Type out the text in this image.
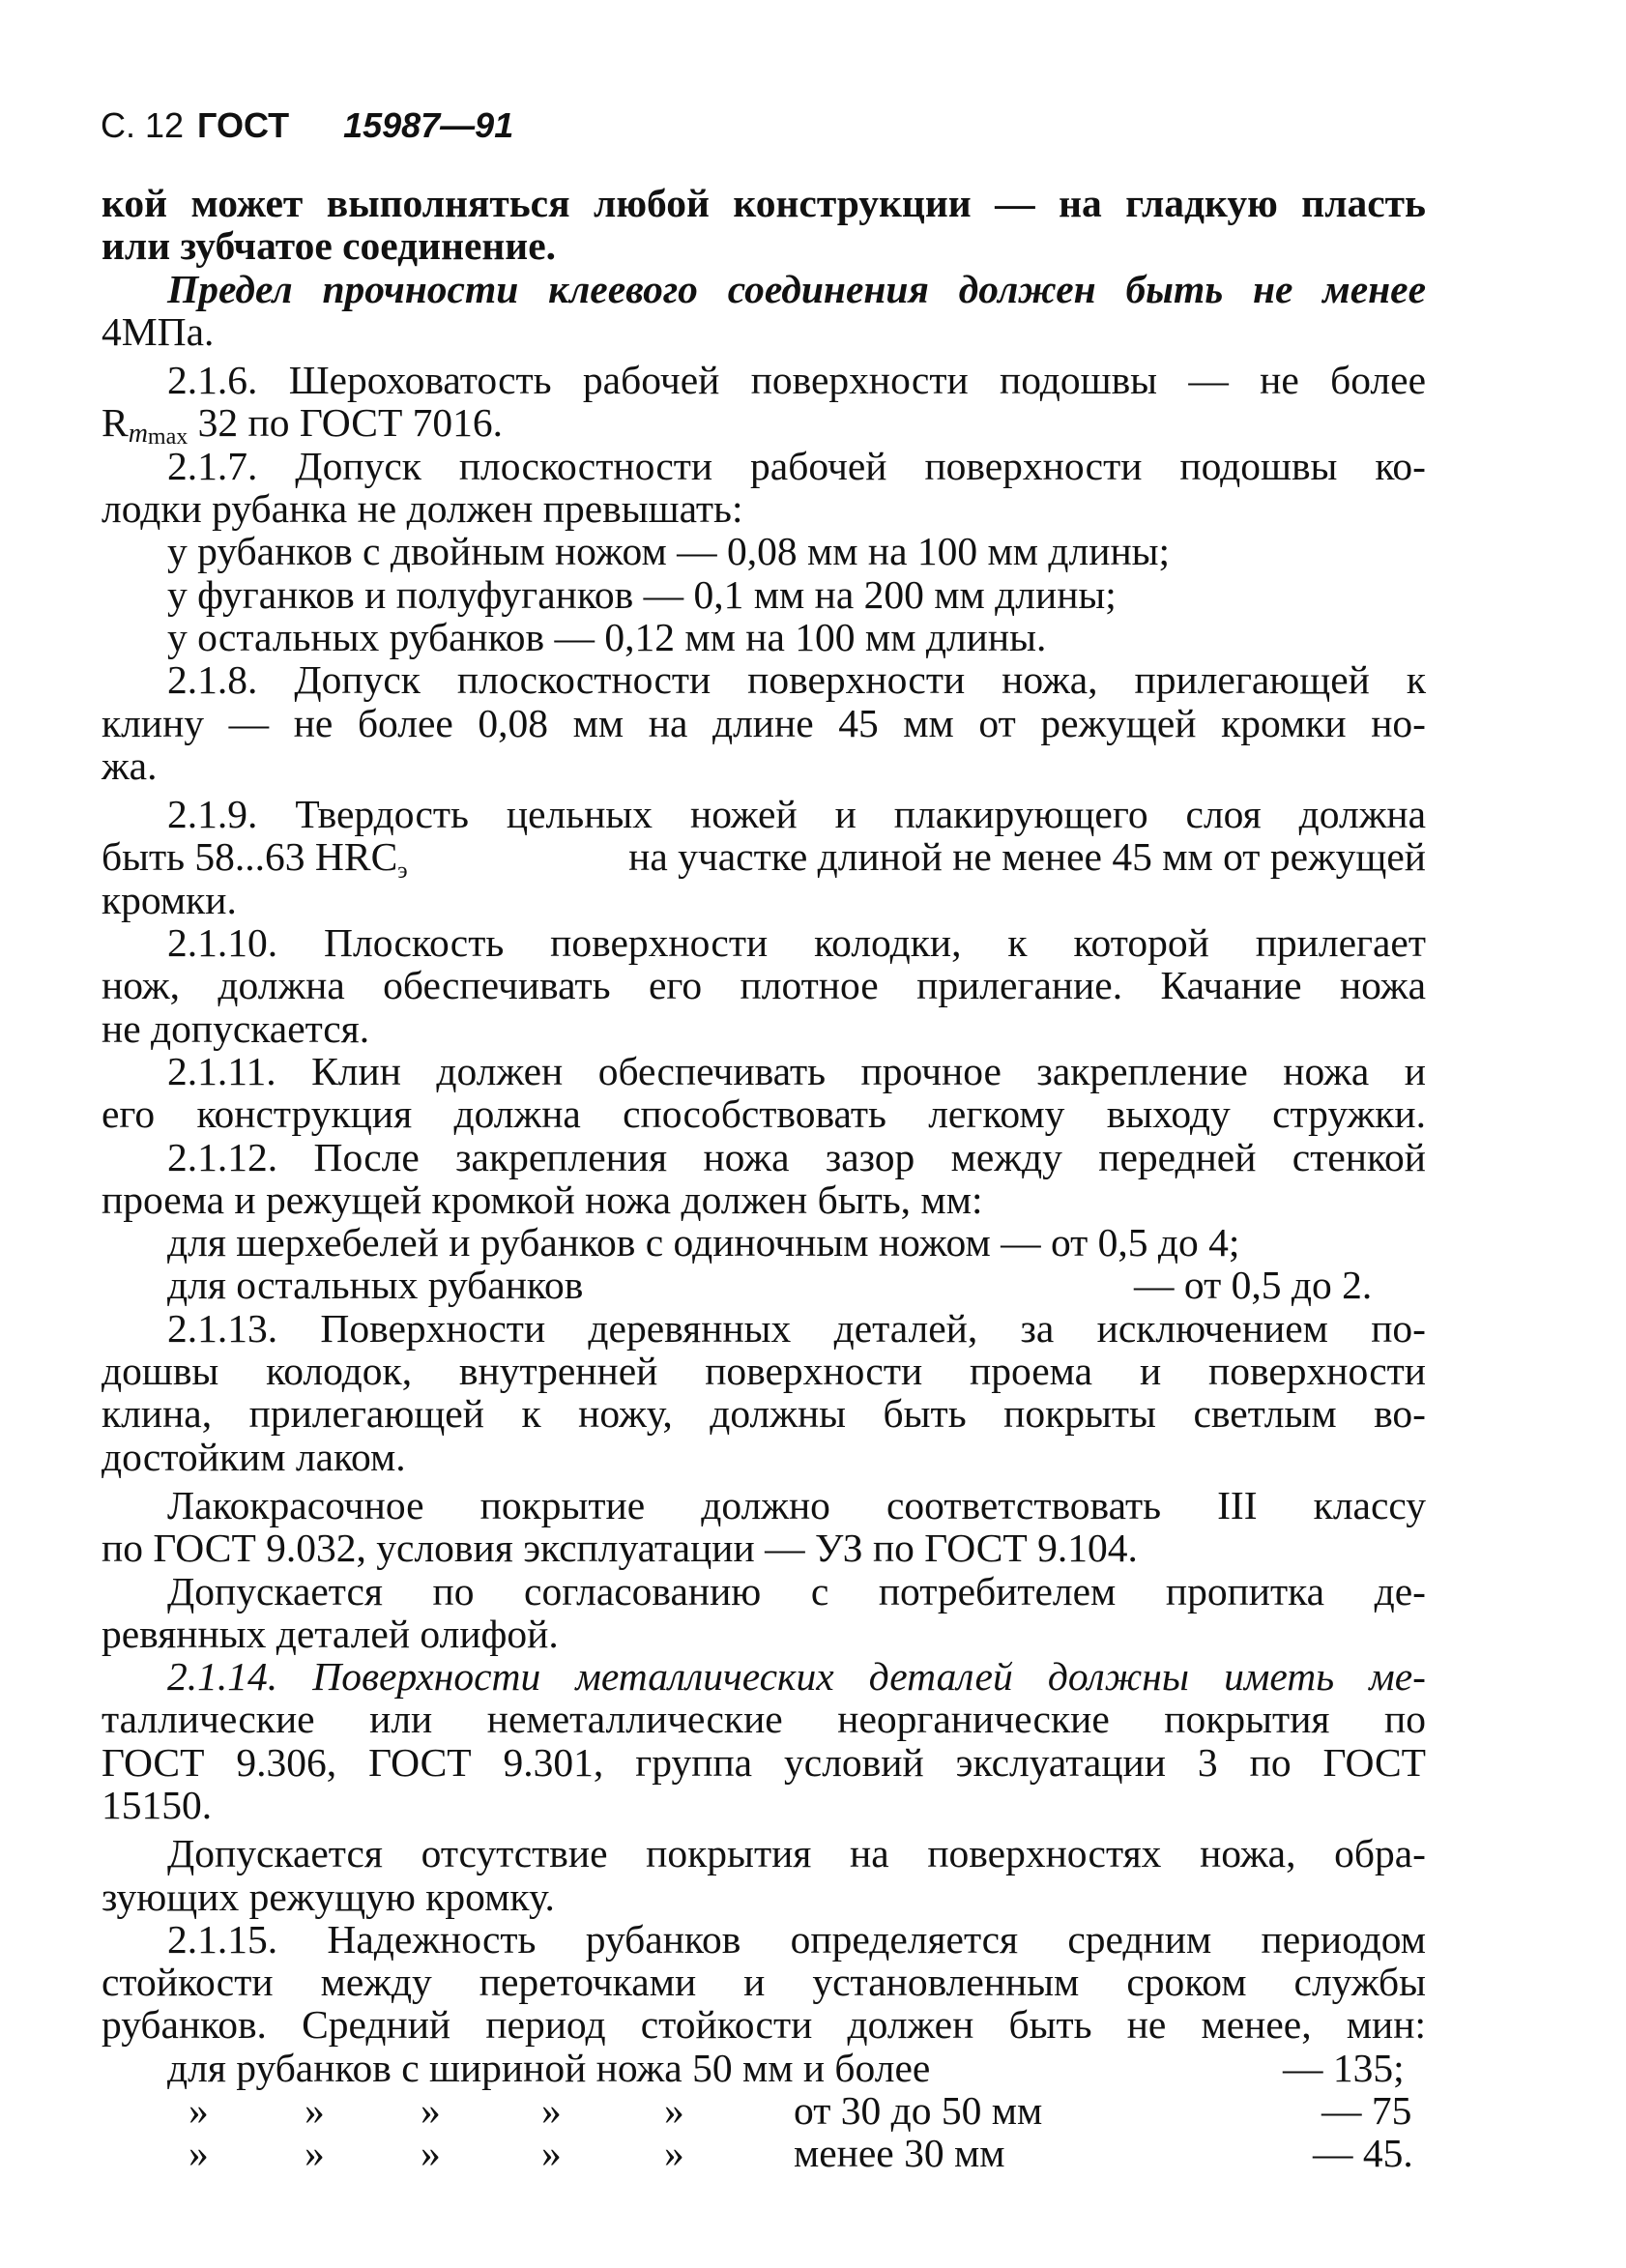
С. 12 ГОСТ 15987—91
кой может выполняться любой конструкции — на гладкую пласть
или зубчатое соединение.
Предел прочности клеевого соединения должен быть не менее
4МПа.
2.1.6. Шероховатость рабочей поверхности подошвы — не более
$R_m\max$ 32 по ГОСТ 7016.
2.1.7. Допуск плоскостности рабочей поверхности подошвы ко-
лодки рубанка не должен превышать:
у рубанков с двойным ножом — 0,08 мм на 100 мм длины;
у фуганков и полуфуганков — 0,1 мм на 200 мм длины;
у остальных рубанков — 0,12 мм на 100 мм длины.
2.1.8. Допуск плоскостности поверхности ножа, прилегающей к
клину — не более 0,08 мм на длине 45 мм от режущей кромки но-
жа.
2.1.9. Твердость цельных ножей и плакирующего слоя должна
быть 58...63 HRCэ	на участке длиной не менее 45 мм от режущей
кромки.
2.1.10. Плоскость поверхности колодки, к которой прилегает
нож, должна обеспечивать его плотное прилегание. Качание ножа
не допускается.
2.1.11. Клин должен обеспечивать прочное закрепление ножа и
его конструкция должна способствовать легкому выходу стружки.
2.1.12. После закрепления ножа зазор между передней стенкой
проема и режущей кромкой ножа должен быть, мм:
для шерхебелей и рубанков с одиночным ножом — от 0,5 до 4;
для остальных рубанков	— от 0,5 до 2.
2.1.13. Поверхности деревянных деталей, за исключением по-
дошвы колодок, внутренней поверхности проема и поверхности
клина, прилегающей к ножу, должны быть покрыты светлым во-
достойким лаком.
Лакокрасочное покрытие должно соответствовать III классу
по ГОСТ 9.032, условия эксплуатации — УЗ по ГОСТ 9.104.
Допускается по согласованию с потребителем пропитка де-
ревянных деталей олифой.
2.1.14. Поверхности металлических деталей должны иметь ме-
таллические или неметаллические неорганические покрытия по
ГОСТ 9.306, ГОСТ 9.301, группа условий экслуатации 3 по ГОСТ
15150.
Допускается отсутствие покрытия на поверхностях ножа, обра-
зующих режущую кромку.
2.1.15. Надежность рубанков определяется средним периодом
стойкости между переточками и установленным сроком службы
рубанков. Средний период стойкости должен быть не менее, мин:
для рубанков с шириной ножа 50 мм и более	— 135;
» » »	»	»	от 30 до 50 мм	— 75
» » »	»	»	менее 30 мм	— 45.
